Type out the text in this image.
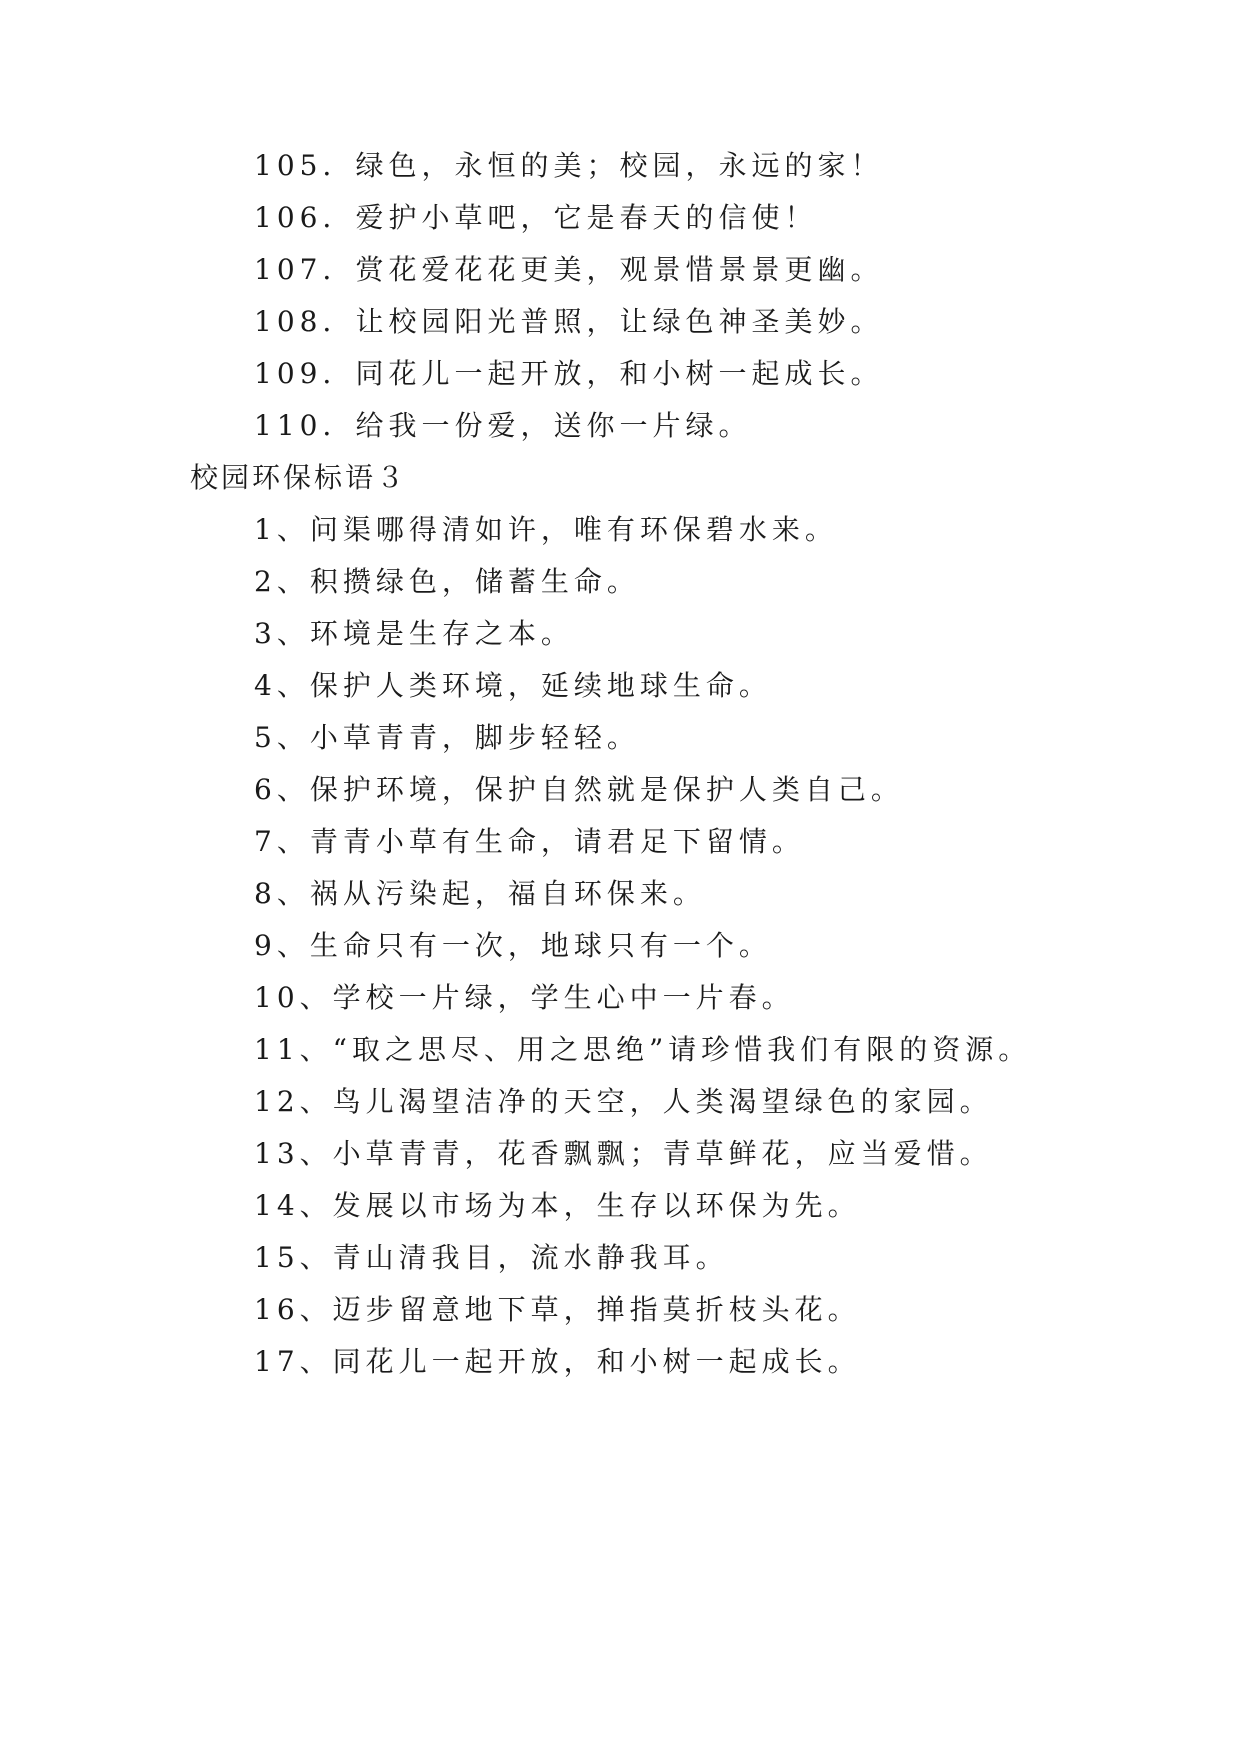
105．绿色，永恒的美；校园，永远的家！
106．爱护小草吧，它是春天的信使！
107．赏花爱花花更美，观景惜景景更幽。
108．让校园阳光普照，让绿色神圣美妙。
109．同花儿一起开放，和小树一起成长。
110．给我一份爱，送你一片绿。
校园环保标语３
1、问渠哪得清如许，唯有环保碧水来。
2、积攒绿色，储蓄生命。
3、环境是生存之本。
4、保护人类环境，延续地球生命。
5、小草青青，脚步轻轻。
6、保护环境，保护自然就是保护人类自己。
7、青青小草有生命，请君足下留情。
8、祸从污染起，福自环保来。
9、生命只有一次，地球只有一个。
10、学校一片绿，学生心中一片春。
11、“取之思尽、用之思绝”请珍惜我们有限的资源。
12、鸟儿渴望洁净的天空，人类渴望绿色的家园。
13、小草青青，花香飘飘；青草鲜花，应当爱惜。
14、发展以市场为本，生存以环保为先。
15、青山清我目，流水静我耳。
16、迈步留意地下草，掸指莫折枝头花。
17、同花儿一起开放，和小树一起成长。
